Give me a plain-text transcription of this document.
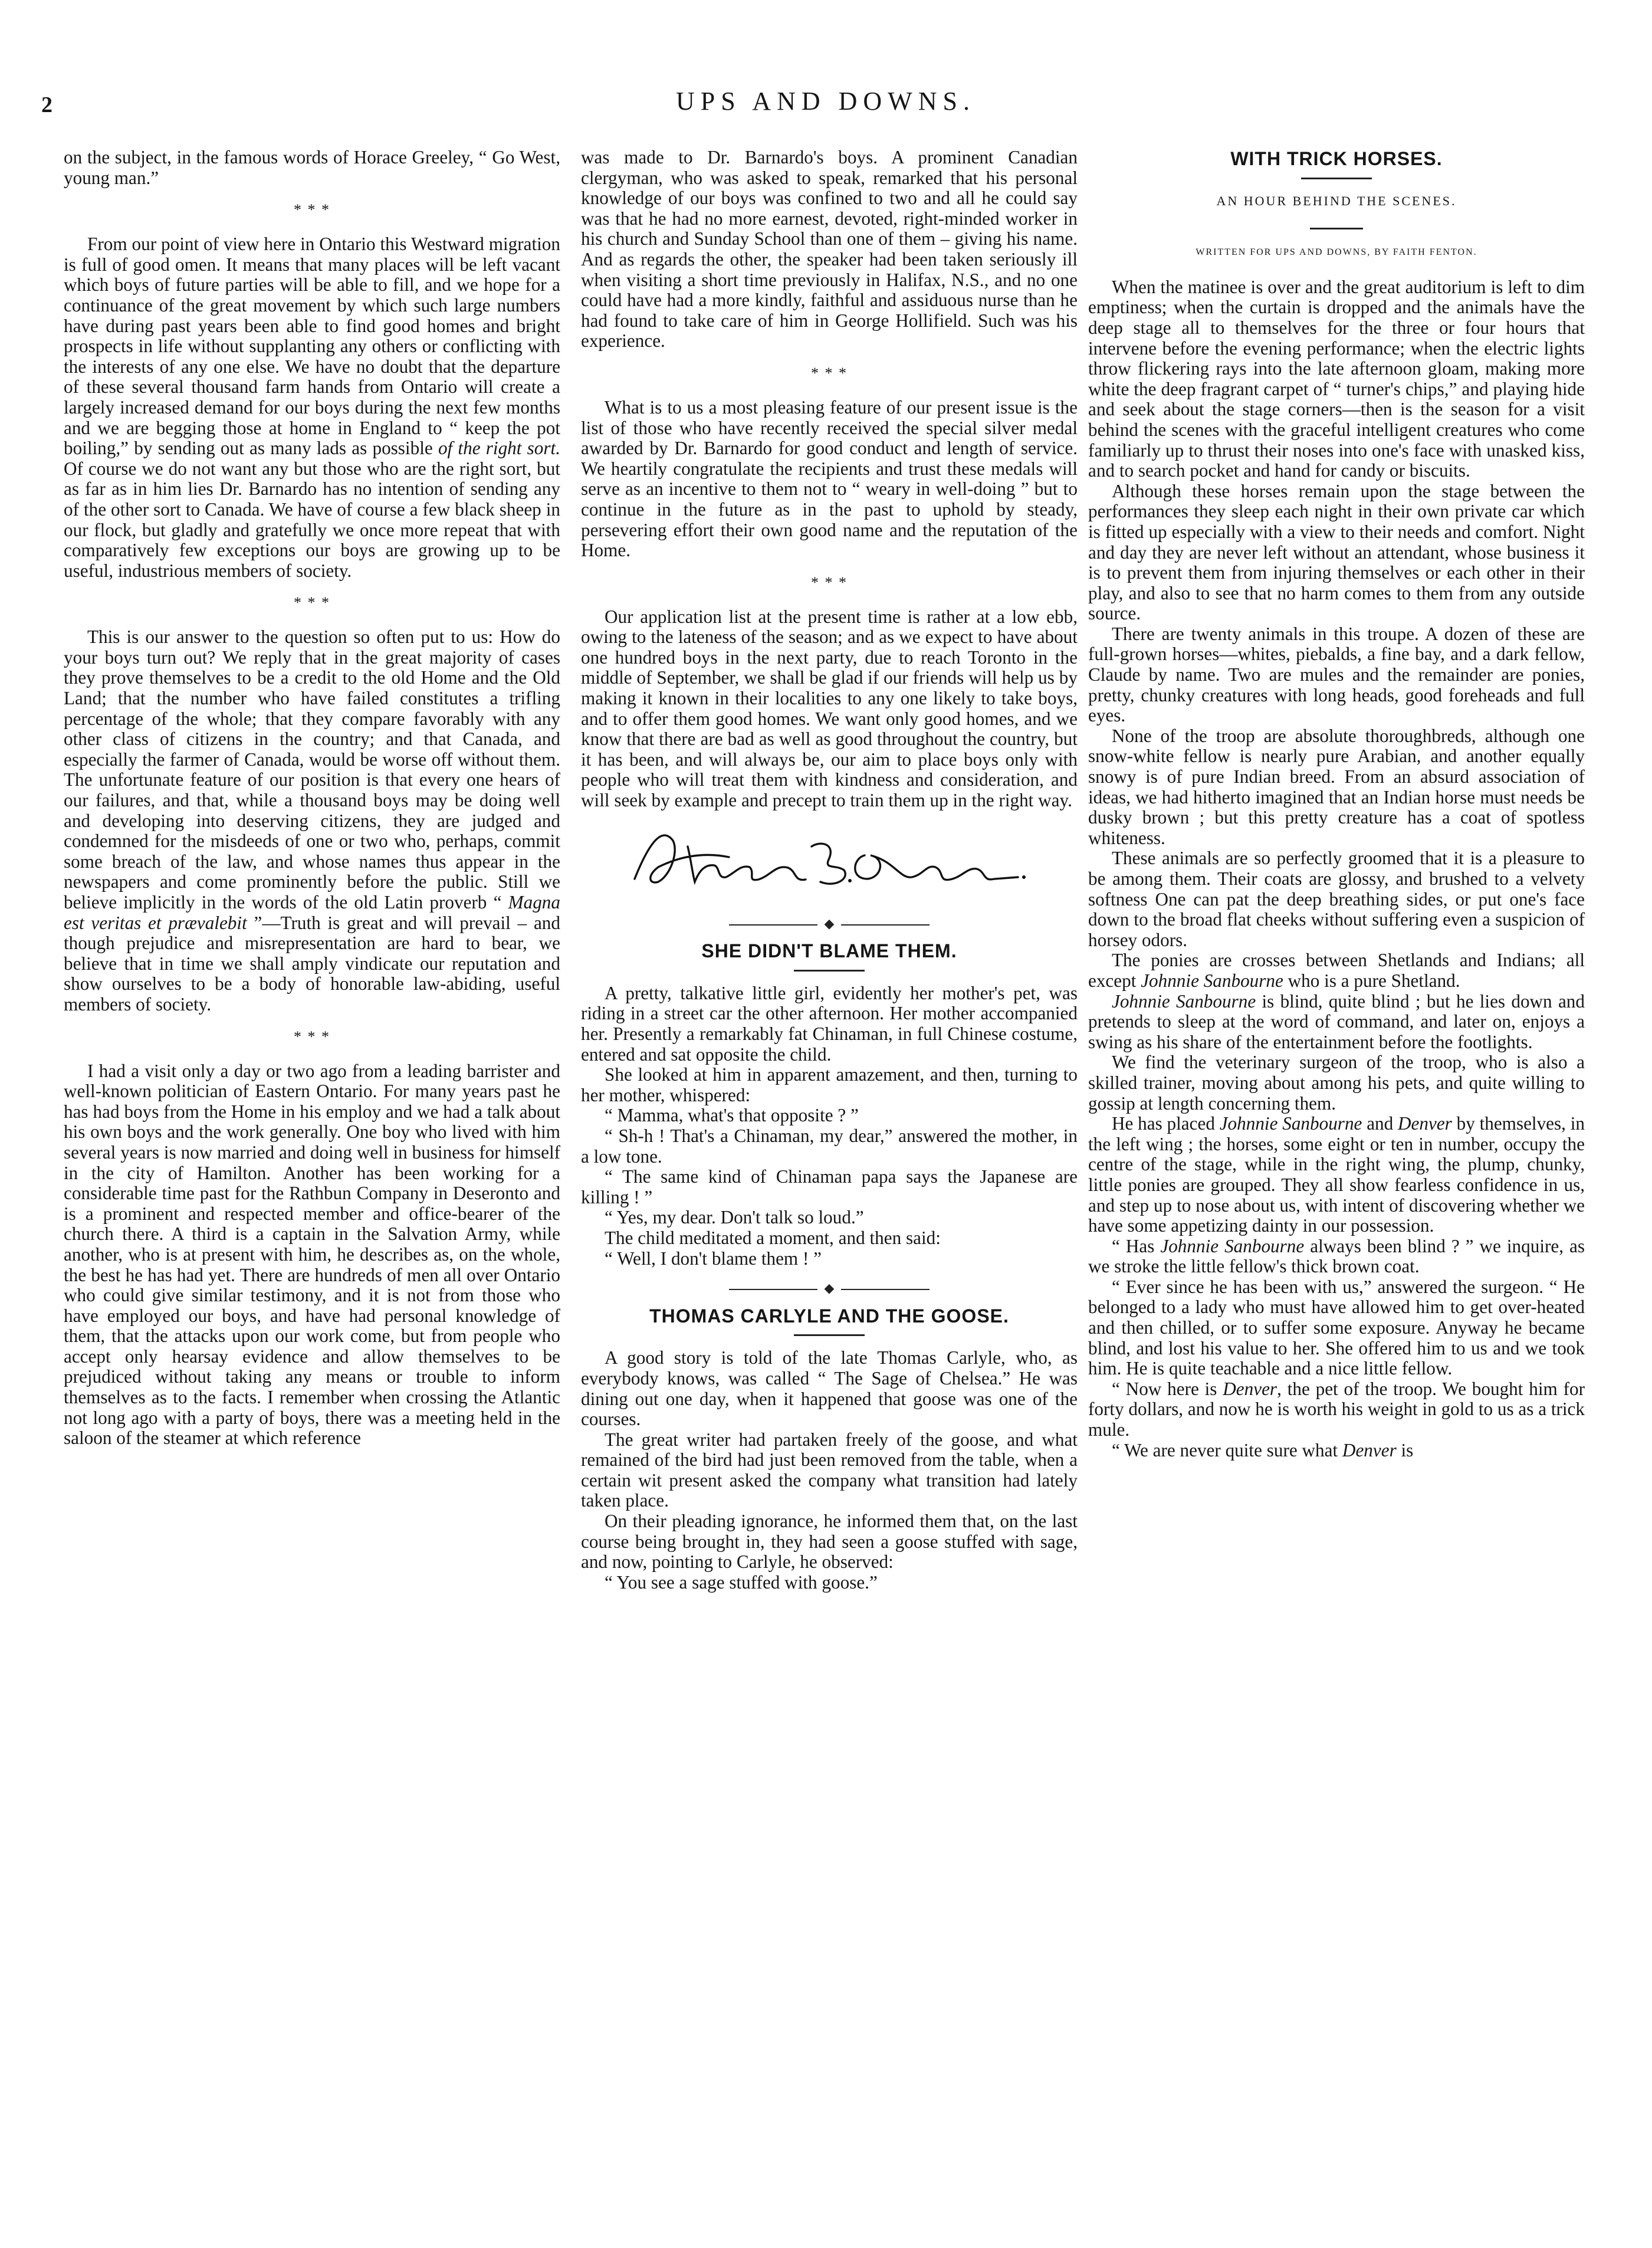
2	UPS AND DOWNS.

on the subject, in the famous words of Horace Greeley, “ Go West, young man.”

* * *

From our point of view here in Ontario this Westward migration is full of good omen. It means that many places will be left vacant which boys of future parties will be able to fill, and we hope for a continuance of the great movement by which such large numbers have during past years been able to find good homes and bright prospects in life without supplanting any others or conflicting with the interests of any one else. We have no doubt that the departure of these several thousand farm hands from Ontario will create a largely increased demand for our boys during the next few months and we are begging those at home in England to “ keep the pot boiling,” by sending out as many lads as possible of the right sort. Of course we do not want any but those who are the right sort, but as far as in him lies Dr. Barnardo has no intention of sending any of the other sort to Canada. We have of course a few black sheep in our flock, but gladly and gratefully we once more repeat that with comparatively few exceptions our boys are growing up to be useful, industrious members of society.

* * *

This is our answer to the question so often put to us: How do your boys turn out? We reply that in the great majority of cases they prove themselves to be a credit to the old Home and the Old Land; that the number who have failed constitutes a trifling percentage of the whole; that they compare favorably with any other class of citizens in the country; and that Canada, and especially the farmer of Canada, would be worse off without them. The unfortunate feature of our position is that every one hears of our failures, and that, while a thousand boys may be doing well and developing into deserving citizens, they are judged and condemned for the misdeeds of one or two who, perhaps, commit some breach of the law, and whose names thus appear in the newspapers and come prominently before the public. Still we believe implicitly in the words of the old Latin proverb “ Magna est veritas et prævalebit ”—Truth is great and will prevail – and though prejudice and misrepresentation are hard to bear, we believe that in time we shall amply vindicate our reputation and show ourselves to be a body of honorable law-abiding, useful members of society.

* * *

I had a visit only a day or two ago from a leading barrister and well-known politician of Eastern Ontario. For many years past he has had boys from the Home in his employ and we had a talk about his own boys and the work generally. One boy who lived with him several years is now married and doing well in business for himself in the city of Hamilton. Another has been working for a considerable time past for the Rathbun Company in Deseronto and is a prominent and respected member and office-bearer of the church there. A third is a captain in the Salvation Army, while another, who is at present with him, he describes as, on the whole, the best he has had yet. There are hundreds of men all over Ontario who could give similar testimony, and it is not from those who have employed our boys, and have had personal knowledge of them, that the attacks upon our work come, but from people who accept only hearsay evidence and allow themselves to be prejudiced without taking any means or trouble to inform themselves as to the facts. I remember when crossing the Atlantic not long ago with a party of boys, there was a meeting held in the saloon of the steamer at which reference

was made to Dr. Barnardo's boys. A prominent Canadian clergyman, who was asked to speak, remarked that his personal knowledge of our boys was confined to two and all he could say was that he had no more earnest, devoted, right-minded worker in his church and Sunday School than one of them – giving his name. And as regards the other, the speaker had been taken seriously ill when visiting a short time previously in Halifax, N.S., and no one could have had a more kindly, faithful and assiduous nurse than he had found to take care of him in George Hollifield. Such was his experience.

* * *

What is to us a most pleasing feature of our present issue is the list of those who have recently received the special silver medal awarded by Dr. Barnardo for good conduct and length of service. We heartily congratulate the recipients and trust these medals will serve as an incentive to them not to “ weary in well-doing ” but to continue in the future as in the past to uphold by steady, persevering effort their own good name and the reputation of the Home.

* * *

Our application list at the present time is rather at a low ebb, owing to the lateness of the season; and as we expect to have about one hundred boys in the next party, due to reach Toronto in the middle of September, we shall be glad if our friends will help us by making it known in their localities to any one likely to take boys, and to offer them good homes. We want only good homes, and we know that there are bad as well as good throughout the country, but it has been, and will always be, our aim to place boys only with people who will treat them with kindness and consideration, and will seek by example and precept to train them up in the right way.

◆
SHE DIDN'T BLAME THEM.

A pretty, talkative little girl, evidently her mother's pet, was riding in a street car the other afternoon. Her mother accompanied her. Presently a remarkably fat Chinaman, in full Chinese costume, entered and sat opposite the child.

She looked at him in apparent amazement, and then, turning to her mother, whispered:

“ Mamma, what's that opposite ? ”

“ Sh-h ! That's a Chinaman, my dear,” answered the mother, in a low tone.

“ The same kind of Chinaman papa says the Japanese are killing ! ”

“ Yes, my dear. Don't talk so loud.”

The child meditated a moment, and then said:

“ Well, I don't blame them ! ”

◆
THOMAS CARLYLE AND THE GOOSE.

A good story is told of the late Thomas Carlyle, who, as everybody knows, was called “ The Sage of Chelsea.” He was dining out one day, when it happened that goose was one of the courses.

The great writer had partaken freely of the goose, and what remained of the bird had just been removed from the table, when a certain wit present asked the company what transition had lately taken place.

On their pleading ignorance, he informed them that, on the last course being brought in, they had seen a goose stuffed with sage, and now, pointing to Carlyle, he observed:

“ You see a sage stuffed with goose.”

WITH TRICK HORSES.
AN HOUR BEHIND THE SCENES.
WRITTEN FOR UPS AND DOWNS, BY FAITH FENTON.

When the matinee is over and the great auditorium is left to dim emptiness; when the curtain is dropped and the animals have the deep stage all to themselves for the three or four hours that intervene before the evening performance; when the electric lights throw flickering rays into the late afternoon gloam, making more white the deep fragrant carpet of “ turner's chips,” and playing hide and seek about the stage corners—then is the season for a visit behind the scenes with the graceful intelligent creatures who come familiarly up to thrust their noses into one's face with unasked kiss, and to search pocket and hand for candy or biscuits.

Although these horses remain upon the stage between the performances they sleep each night in their own private car which is fitted up especially with a view to their needs and comfort. Night and day they are never left without an attendant, whose business it is to prevent them from injuring themselves or each other in their play, and also to see that no harm comes to them from any outside source.

There are twenty animals in this troupe. A dozen of these are full-grown horses—whites, piebalds, a fine bay, and a dark fellow, Claude by name. Two are mules and the remainder are ponies, pretty, chunky creatures with long heads, good foreheads and full eyes.

None of the troop are absolute thoroughbreds, although one snow-white fellow is nearly pure Arabian, and another equally snowy is of pure Indian breed. From an absurd association of ideas, we had hitherto imagined that an Indian horse must needs be dusky brown ; but this pretty creature has a coat of spotless whiteness.

These animals are so perfectly groomed that it is a pleasure to be among them. Their coats are glossy, and brushed to a velvety softness One can pat the deep breathing sides, or put one's face down to the broad flat cheeks without suffering even a suspicion of horsey odors.

The ponies are crosses between Shetlands and Indians; all except Johnnie Sanbourne who is a pure Shetland.

Johnnie Sanbourne is blind, quite blind ; but he lies down and pretends to sleep at the word of command, and later on, enjoys a swing as his share of the entertainment before the footlights.

We find the veterinary surgeon of the troop, who is also a skilled trainer, moving about among his pets, and quite willing to gossip at length concerning them.

He has placed Johnnie Sanbourne and Denver by themselves, in the left wing ; the horses, some eight or ten in number, occupy the centre of the stage, while in the right wing, the plump, chunky, little ponies are grouped. They all show fearless confidence in us, and step up to nose about us, with intent of discovering whether we have some appetizing dainty in our possession.

“ Has Johnnie Sanbourne always been blind ? ” we inquire, as we stroke the little fellow's thick brown coat.

“ Ever since he has been with us,” answered the surgeon. “ He belonged to a lady who must have allowed him to get over-heated and then chilled, or to suffer some exposure. Anyway he became blind, and lost his value to her. She offered him to us and we took him. He is quite teachable and a nice little fellow.

“ Now here is Denver, the pet of the troop. We bought him for forty dollars, and now he is worth his weight in gold to us as a trick mule.

“ We are never quite sure what Denver is
